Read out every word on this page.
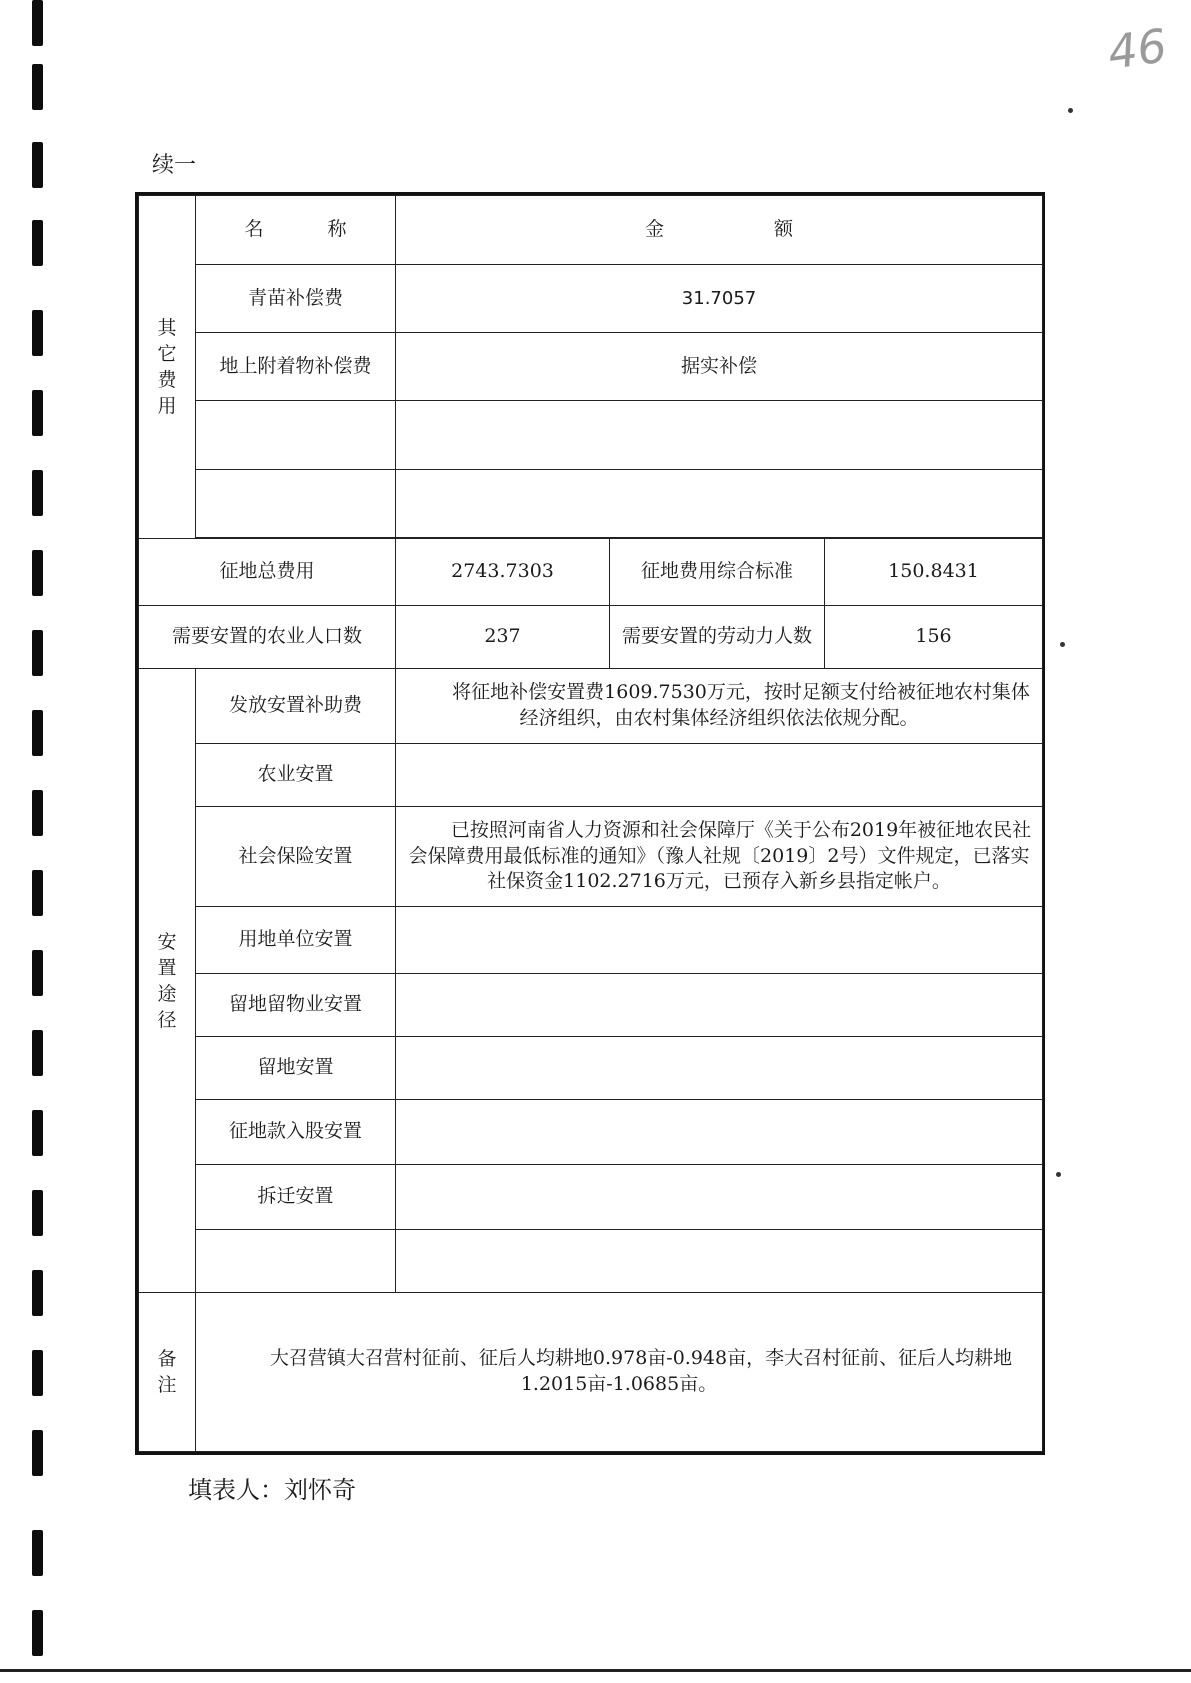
46
续一
其
它
费
用	名 称	金 额		
	青苗补偿费	31.7057		
	地上附着物补偿费	据实补偿		

征地总费用		2743.7303	征地费用综合标准	150.8431
需要安置的农业人口数		237	需要安置的劳动力人数	156

安
置
途
径	发放安置补助费	将征地补偿安置费1609.7530万元，按时足额支付给被征地农村集体经济组织，由农村集体经济组织依法依规分配。		
	农业安置			
	社会保险安置	已按照河南省人力资源和社会保障厅《关于公布2019年被征地农民社会保障费用最低标准的通知》（豫人社规〔2019〕2号）文件规定，已落实社保资金1102.2716万元，已预存入新乡县指定帐户。		
	用地单位安置			
	留地留物业安置			
	留地安置			
	征地款入股安置			
	拆迁安置			

备
注	大召营镇大召营村征前、征后人均耕地0.978亩-0.948亩，李大召村征前、征后人均耕地1.2015亩-1.0685亩。			
填表人：刘怀奇
